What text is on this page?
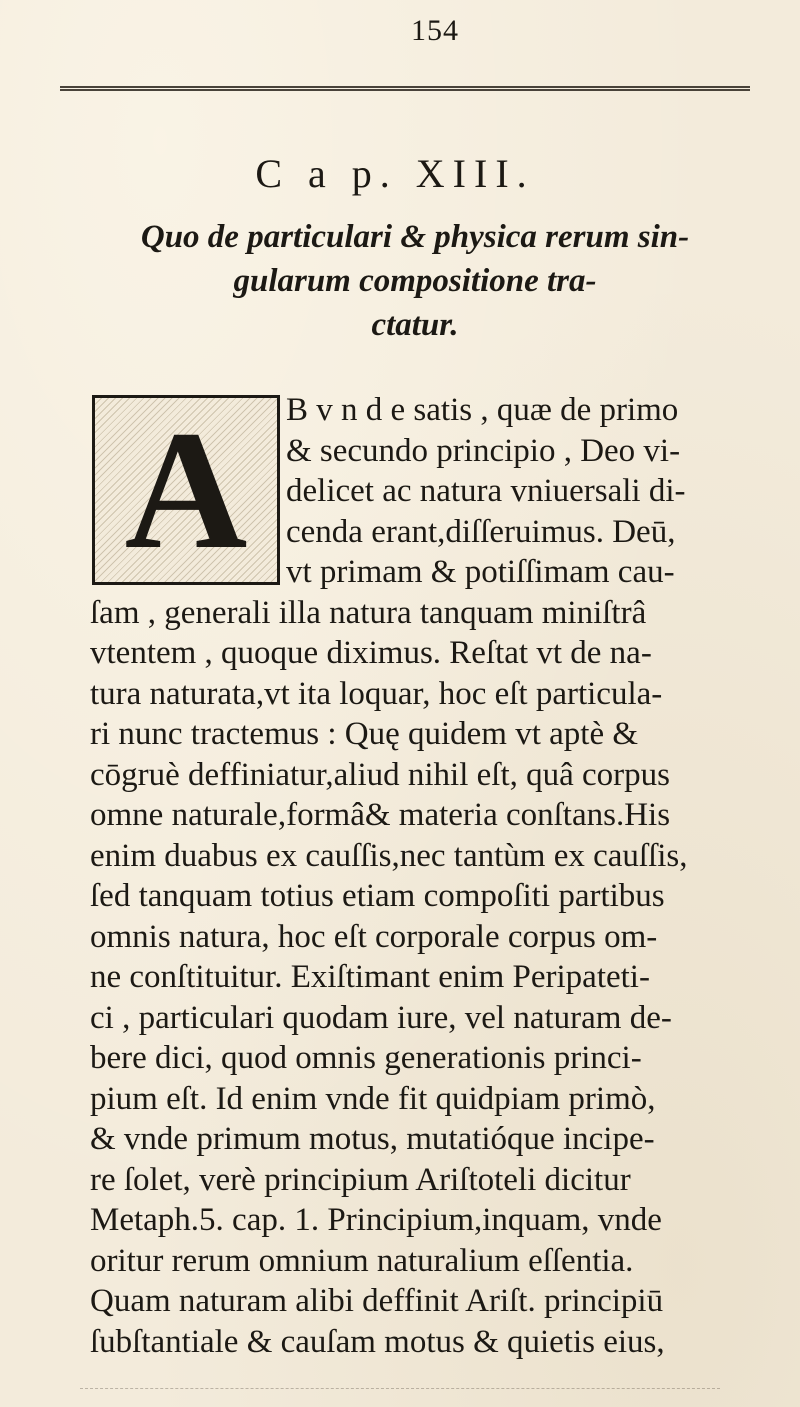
154
C a p. XIII.
Quo de particulari & physica rerum sin-
gularum compositione tra-
ctatur.
A	B v n d e satis , quæ de primo
& secundo principio , Deo vi-
delicet ac natura vniuersali di-
cenda erant,diſſeruimus. Deū,
vt primam & potiſſimam cau-
ſam , generali illa natura tanquam miniſtrâ
vtentem , quoque diximus. Reſtat vt de na-
tura naturata,vt ita loquar, hoc eſt particula-
ri nunc tractemus : Quę quidem vt aptè &
cōgruè deffiniatur,aliud nihil eſt, quâ corpus
omne naturale,formâ& materia conſtans.His
enim duabus ex cauſſis,nec tantùm ex cauſſis,
ſed tanquam totius etiam compoſiti partibus
omnis natura, hoc eſt corporale corpus om-
ne conſtituitur. Exiſtimant enim Peripateti-
ci , particulari quodam iure, vel naturam de-
bere dici, quod omnis generationis princi-
pium eſt. Id enim vnde fit quidpiam primò,
& vnde primum motus, mutatióque incipe-
re ſolet, verè principium Ariſtoteli dicitur
Metaph.5. cap. 1. Principium,inquam, vnde
oritur rerum omnium naturalium eſſentia.
Quam naturam alibi deffinit Ariſt. principiū
ſubſtantiale & cauſam motus & quietis eius,
